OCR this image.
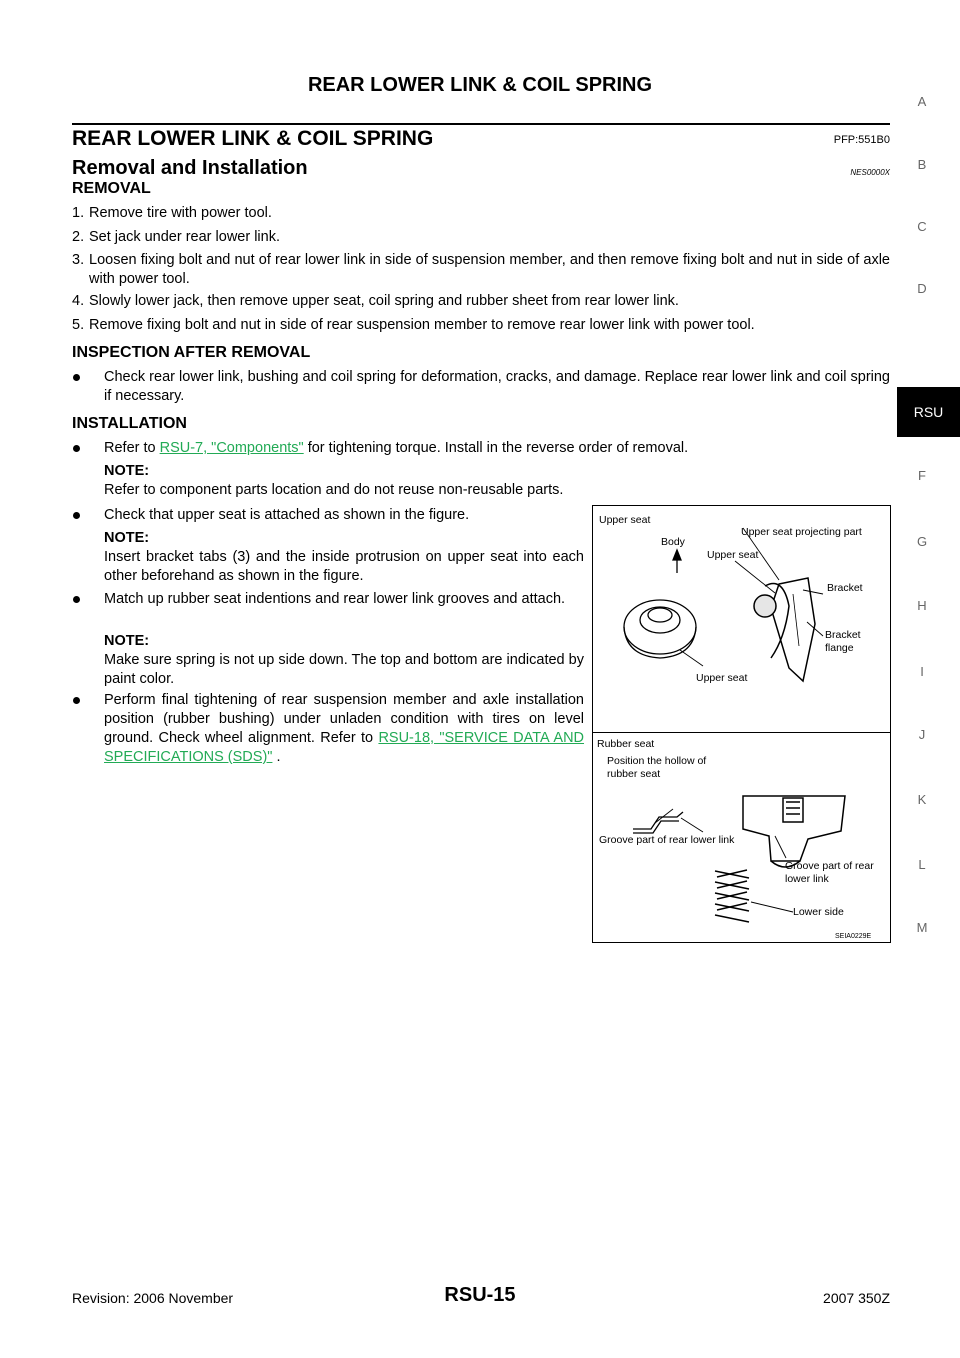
REAR LOWER LINK & COIL SPRING
REAR LOWER LINK & COIL SPRING	PFP:551B0
Removal and Installation	NES0000X
REMOVAL
1. Remove tire with power tool.
2. Set jack under rear lower link.
3. Loosen fixing bolt and nut of rear lower link in side of suspension member, and then remove fixing bolt and nut in side of axle with power tool.
4. Slowly lower jack, then remove upper seat, coil spring and rubber sheet from rear lower link.
5. Remove fixing bolt and nut in side of rear suspension member to remove rear lower link with power tool.
INSPECTION AFTER REMOVAL
Check rear lower link, bushing and coil spring for deformation, cracks, and damage. Replace rear lower link and coil spring if necessary.
INSTALLATION
Refer to RSU-7, "Components" for tightening torque. Install in the reverse order of removal.
NOTE:
Refer to component parts location and do not reuse non-reusable parts.
Check that upper seat is attached as shown in the figure.
NOTE:
Insert bracket tabs (3) and the inside protrusion on upper seat into each other beforehand as shown in the figure.
Match up rubber seat indentions and rear lower link grooves and attach.
NOTE:
Make sure spring is not up side down. The top and bottom are indicated by paint color.
Perform final tightening of rear suspension member and axle installation position (rubber bushing) under unladen condition with tires on level ground. Check wheel alignment. Refer to RSU-18, "SERVICE DATA AND SPECIFICATIONS (SDS)" .
Upper seat
Body
Upper seat projecting part
Upper seat
Bracket
Bracket
flange
Upper seat
Rubber seat
Position the hollow of
rubber seat
Groove part of rear lower link
Groove part of rear
lower link
Lower side
SEIA0229E
A
B
C
D
RSU
F
G
H
I
J
K
L
M
Revision: 2006 November	RSU-15	2007 350Z
